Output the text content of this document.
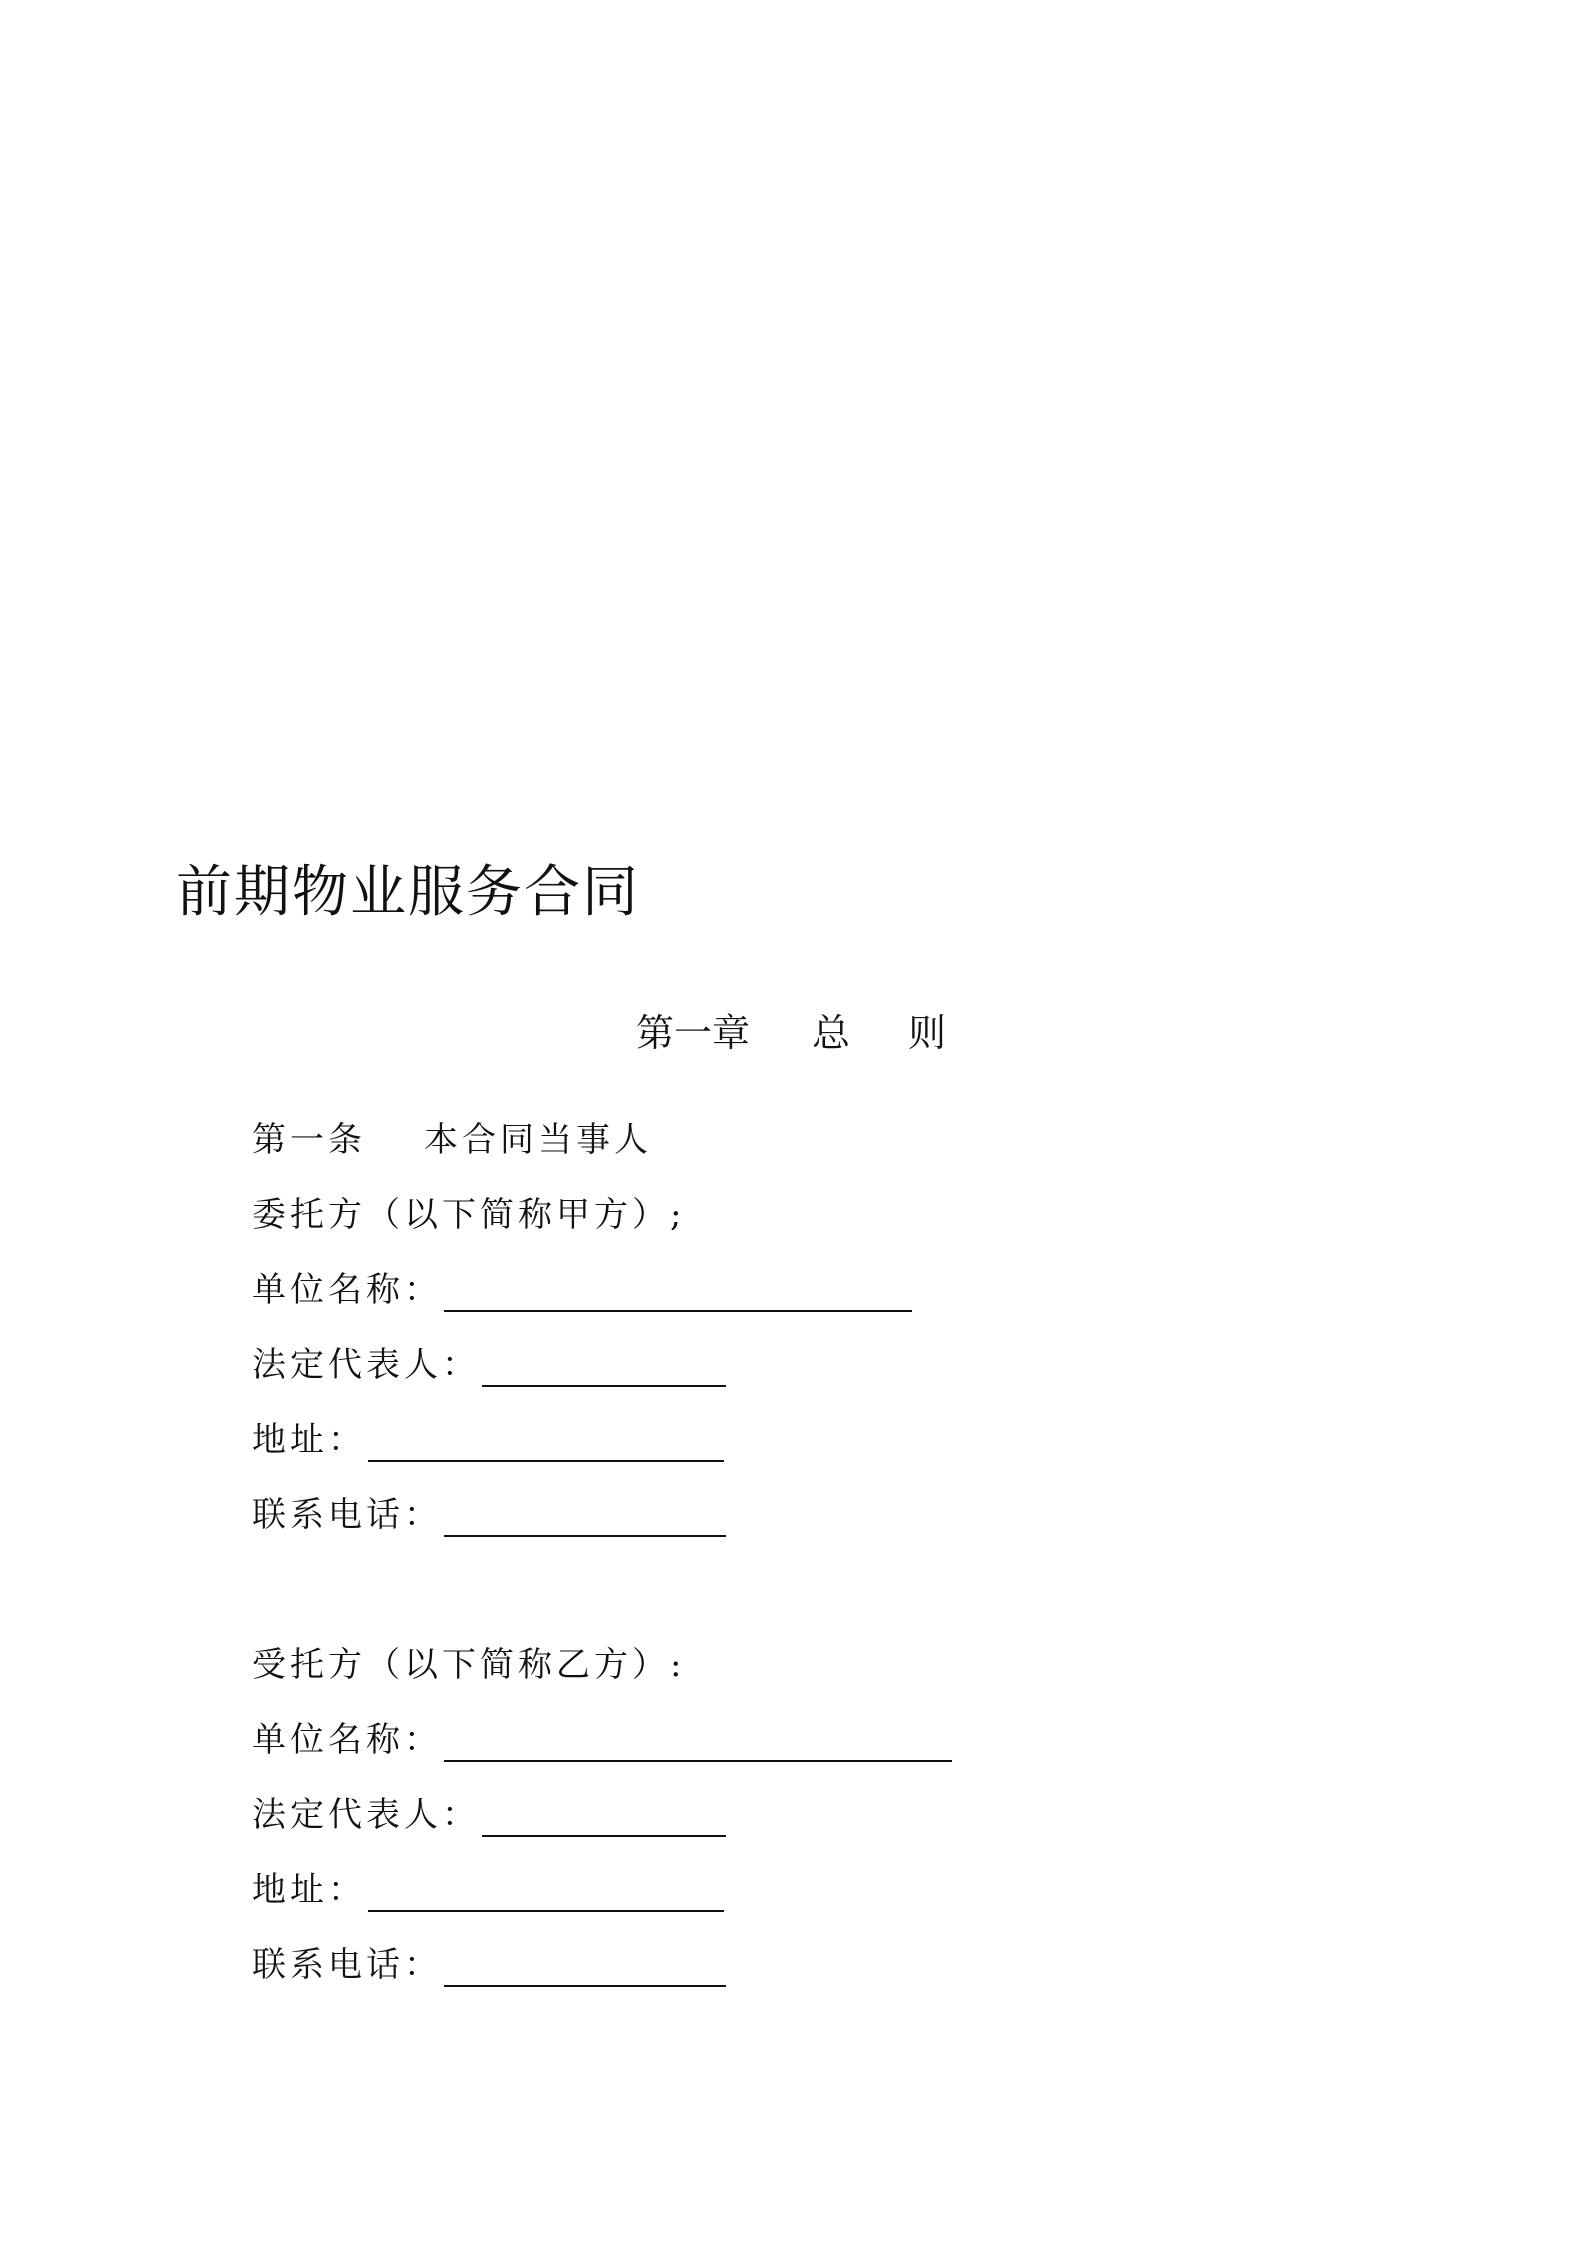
前期物业服务合同
第一章 总 则
第一条 本合同当事人
委托方（以下简称甲方）;
单位名称：
法定代表人：
地址：
联系电话：
受托方（以下简称乙方）:
单位名称：
法定代表人：
地址：
联系电话：
